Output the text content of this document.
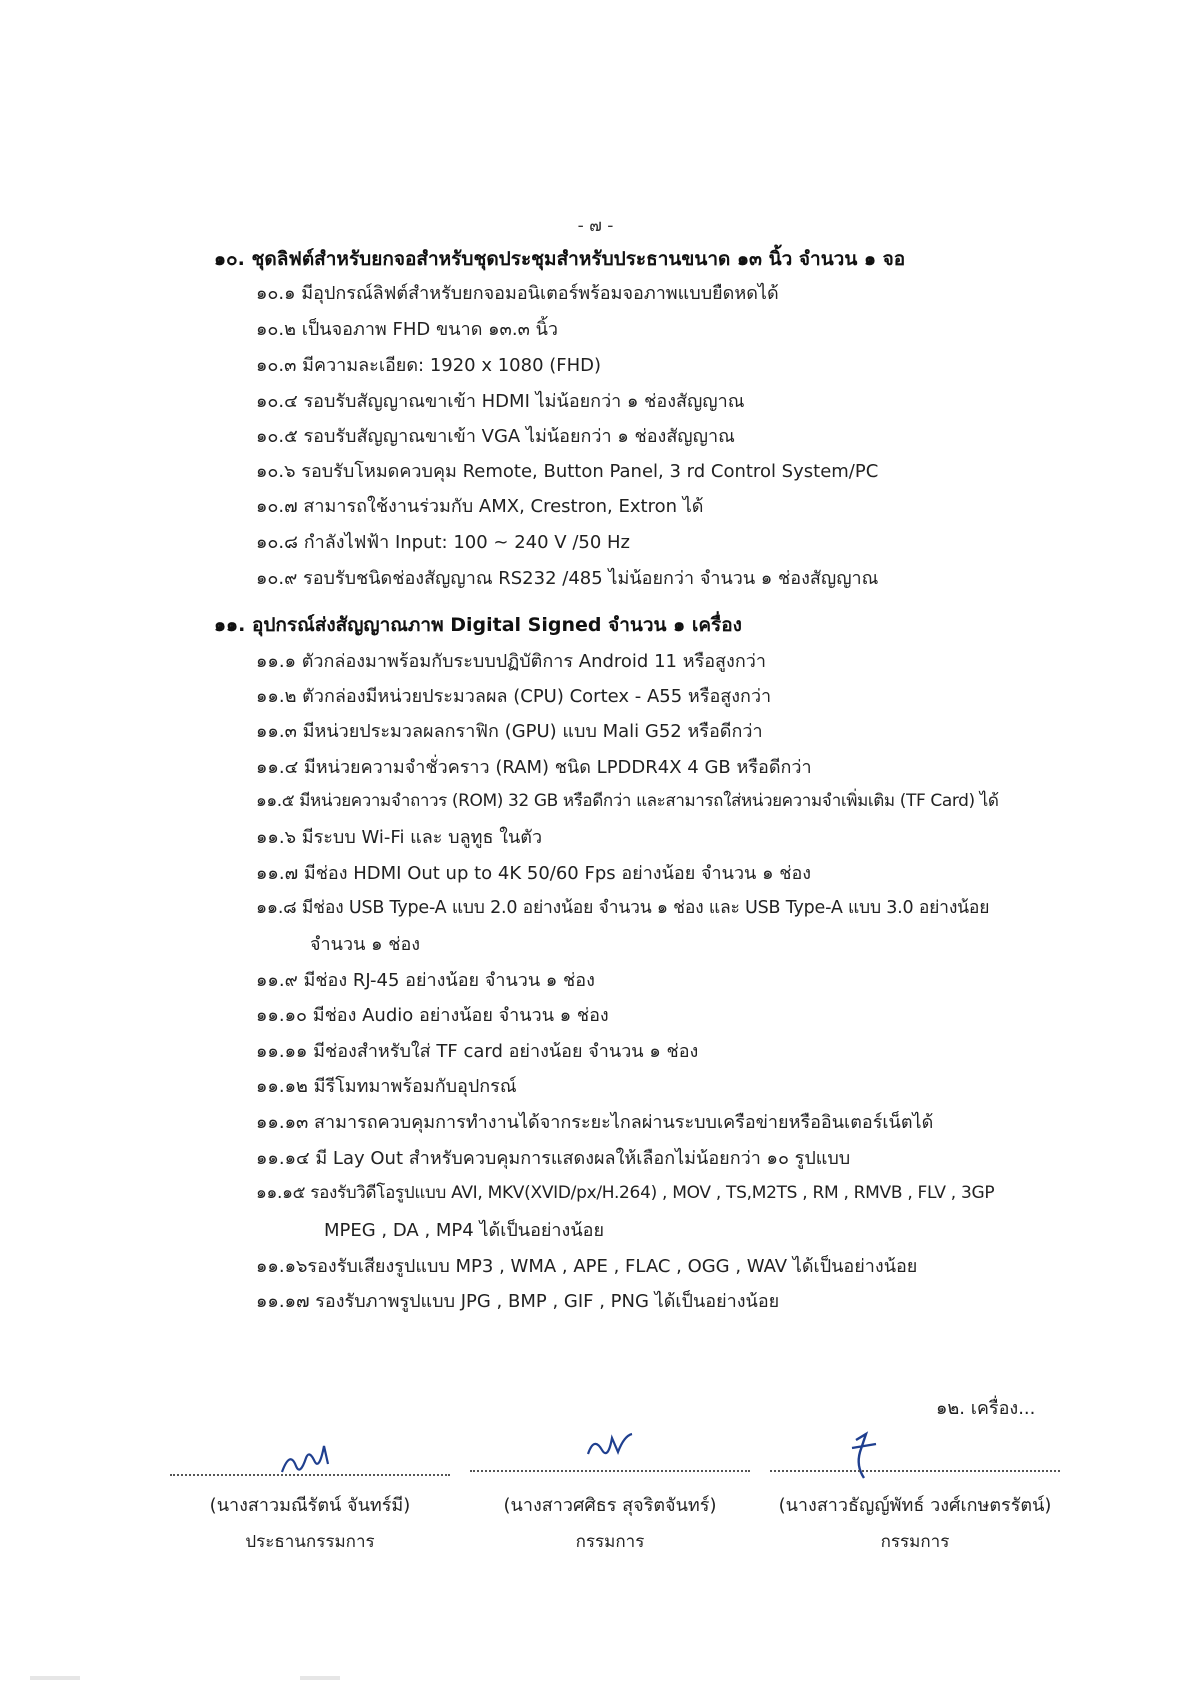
- ๗ -
๑๐. ชุดลิฟต์สำหรับยกจอสำหรับชุดประชุมสำหรับประธานขนาด ๑๓ นิ้ว จำนวน ๑ จอ
๑๐.๑ มีอุปกรณ์ลิฟต์สำหรับยกจอมอนิเตอร์พร้อมจอภาพแบบยืดหดได้
๑๐.๒ เป็นจอภาพ FHD ขนาด ๑๓.๓ นิ้ว
๑๐.๓ มีความละเอียด: 1920 x 1080 (FHD)
๑๐.๔ รอบรับสัญญาณขาเข้า HDMI ไม่น้อยกว่า ๑ ช่องสัญญาณ
๑๐.๕ รอบรับสัญญาณขาเข้า VGA ไม่น้อยกว่า ๑ ช่องสัญญาณ
๑๐.๖ รอบรับโหมดควบคุม Remote, Button Panel, 3 rd Control System/PC
๑๐.๗ สามารถใช้งานร่วมกับ AMX, Crestron, Extron ได้
๑๐.๘ กำลังไฟฟ้า Input: 100 ~ 240 V /50 Hz
๑๐.๙ รอบรับชนิดช่องสัญญาณ RS232 /485 ไม่น้อยกว่า จำนวน ๑ ช่องสัญญาณ
๑๑. อุปกรณ์ส่งสัญญาณภาพ Digital Signed จำนวน ๑ เครื่อง
๑๑.๑ ตัวกล่องมาพร้อมกับระบบปฏิบัติการ Android 11 หรือสูงกว่า
๑๑.๒ ตัวกล่องมีหน่วยประมวลผล (CPU) Cortex - A55 หรือสูงกว่า
๑๑.๓ มีหน่วยประมวลผลกราฟิก (GPU) แบบ Mali G52 หรือดีกว่า
๑๑.๔ มีหน่วยความจำชั่วคราว (RAM) ชนิด LPDDR4X 4 GB หรือดีกว่า
๑๑.๕ มีหน่วยความจำถาวร (ROM) 32 GB หรือดีกว่า และสามารถใส่หน่วยความจำเพิ่มเติม (TF Card) ได้
๑๑.๖ มีระบบ Wi-Fi และ บลูทูธ ในตัว
๑๑.๗ มีช่อง HDMI Out up to 4K 50/60 Fps อย่างน้อย จำนวน ๑ ช่อง
๑๑.๘ มีช่อง USB Type-A แบบ 2.0 อย่างน้อย จำนวน ๑ ช่อง และ USB Type-A แบบ 3.0 อย่างน้อย
จำนวน ๑ ช่อง
๑๑.๙ มีช่อง RJ-45 อย่างน้อย จำนวน ๑ ช่อง
๑๑.๑๐ มีช่อง Audio อย่างน้อย จำนวน ๑ ช่อง
๑๑.๑๑ มีช่องสำหรับใส่ TF card อย่างน้อย จำนวน ๑ ช่อง
๑๑.๑๒ มีรีโมทมาพร้อมกับอุปกรณ์
๑๑.๑๓ สามารถควบคุมการทำงานได้จากระยะไกลผ่านระบบเครือข่ายหรืออินเตอร์เน็ตได้
๑๑.๑๔ มี Lay Out สำหรับควบคุมการแสดงผลให้เลือกไม่น้อยกว่า ๑๐ รูปแบบ
๑๑.๑๕ รองรับวิดีโอรูปแบบ AVI, MKV(XVID/px/H.264) , MOV , TS,M2TS , RM , RMVB , FLV , 3GP
MPEG , DA , MP4 ได้เป็นอย่างน้อย
๑๑.๑๖รองรับเสียงรูปแบบ MP3 , WMA , APE , FLAC , OGG , WAV ได้เป็นอย่างน้อย
๑๑.๑๗ รองรับภาพรูปแบบ JPG , BMP , GIF , PNG ได้เป็นอย่างน้อย
๑๒. เครื่อง...
(นางสาวมณีรัตน์ จันทร์มี)
ประธานกรรมการ
(นางสาวศศิธร สุจริตจันทร์)
กรรมการ
(นางสาวธัญญ์พัทธ์ วงศ์เกษตรรัตน์)
กรรมการ
